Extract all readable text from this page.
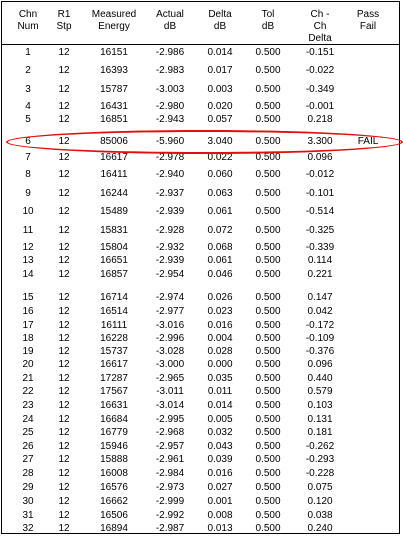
Chn
Num
R1
Stp
Measured
Energy
Actual
dB
Delta
dB
Tol
dB
Ch -
Ch
Delta
Pass
Fail
1	12	16151	-2.986 0.014 0.500	-0.151
2	12	16393	-2.983 0.017 0.500	-0.022
3	12	15787	-3.003 0.003 0.500	-0.349
4	12	16431	-2.980 0.020 0.500	-0.001
5	12	16851	-2.943 0.057 0.500	0.218
6	12	85006	-5.960 3.040 0.500	3.300	FAIL
7	12	16617	-2.978 0.022 0.500	0.096
8	12	16411	-2.940 0.060 0.500	-0.012
9	12	16244	-2.937 0.063 0.500	-0.101
10 12	15489	-2.939 0.061 0.500	-0.514
11	12	15831	-2.928 0.072 0.500	-0.325
12 12	15804	-2.932 0.068 0.500	-0.339
13 12	16651	-2.939 0.061 0.500	0.114
14 12	16857	-2.954 0.046 0.500	0.221
15 12	16714	-2.974 0.026 0.500	0.147
16 12	16514	-2.977 0.023 0.500	0.042
17 12	16111	-3.016 0.016 0.500	-0.172
18 12	16228	-2.996 0.004 0.500	-0.109
19 12	15737	-3.028 0.028 0.500	-0.376
20 12	16617	-3.000 0.000 0.500	0.096
21 12	17287	-2.965 0.035 0.500	0.440
22 12	17567	-3.011 0.011 0.500	0.579
23 12	16631	-3.014 0.014 0.500	0.103
24 12	16684	-2.995 0.005 0.500	0.131
25 12	16779	-2.968 0.032 0.500	0.181
26 12	15946	-2.957 0.043 0.500	-0.262
27 12	15888	-2.961 0.039 0.500	-0.293
28 12	16008	-2.984 0.016 0.500	-0.228
29 12	16576	-2.973 0.027 0.500	0.075
30 12	16662	-2.999 0.001 0.500	0.120
31 12	16506	-2.992 0.008 0.500	0.038
32 12	16894	-2.987 0.013 0.500	0.240
